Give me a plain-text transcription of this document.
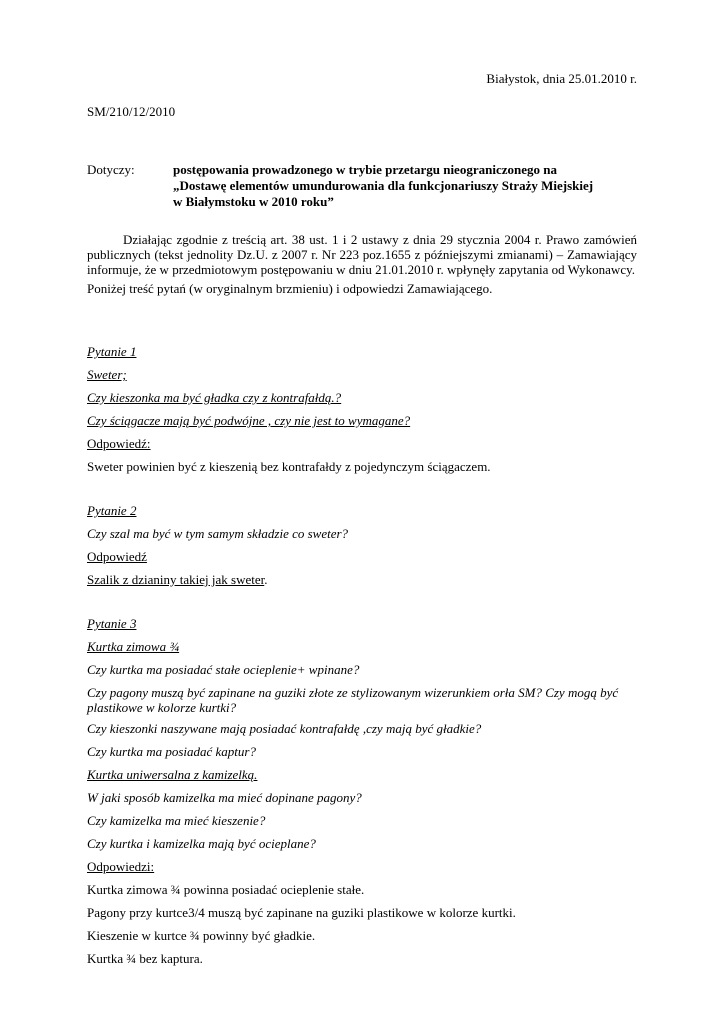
Białystok, dnia 25.01.2010 r.
SM/210/12/2010
Dotyczy:	postępowania prowadzonego w trybie przetargu nieograniczonego na
„Dostawę elementów umundurowania dla funkcjonariuszy Straży Miejskiej
w Białymstoku w 2010 roku”

Działając zgodnie z treścią art. 38 ust. 1 i 2 ustawy z dnia 29 stycznia 2004 r. Prawo zamówień publicznych (tekst jednolity Dz.U. z 2007 r. Nr 223 poz.1655 z późniejszymi zmianami) – Zamawiający informuje, że w przedmiotowym postępowaniu w dniu 21.01.2010 r. wpłynęły zapytania od Wykonawcy.

Poniżej treść pytań (w oryginalnym brzmieniu) i odpowiedzi Zamawiającego.

Pytanie 1
Sweter;
Czy kieszonka ma być gładka czy z kontrafałdą.?
Czy ściągacze mają być podwójne , czy nie jest to wymagane?
Odpowiedź:
Sweter powinien być z kieszenią bez kontrafałdy z pojedynczym ściągaczem.
Pytanie 2
Czy szal ma być w tym samym składzie co sweter?
Odpowiedź
Szalik z dzianiny takiej jak sweter.
Pytanie 3
Kurtka zimowa ¾
Czy kurtka ma posiadać stałe ocieplenie+ wpinane?
Czy pagony muszą być zapinane na guziki złote ze stylizowanym wizerunkiem orła SM? Czy mogą być plastikowe w kolorze kurtki?
Czy kieszonki naszywane mają posiadać kontrafałdę ,czy mają być gładkie?
Czy kurtka ma posiadać kaptur?
Kurtka uniwersalna z kamizelką.
W jaki sposób kamizelka ma mieć dopinane pagony?
Czy kamizelka ma mieć kieszenie?
Czy kurtka i kamizelka mają być ocieplane?
Odpowiedzi:
Kurtka zimowa ¾ powinna posiadać ocieplenie stałe.
Pagony przy kurtce3/4 muszą być zapinane na guziki plastikowe w kolorze kurtki.
Kieszenie w kurtce ¾ powinny być gładkie.
Kurtka ¾ bez kaptura.
